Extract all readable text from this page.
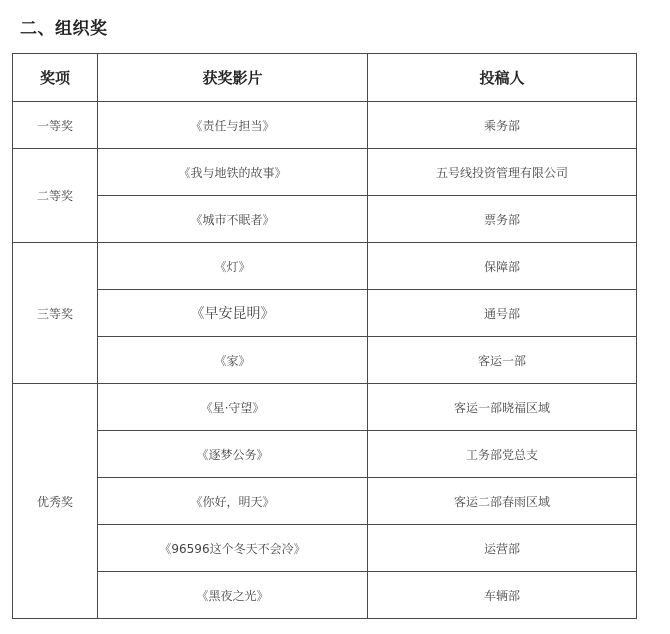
二、组织奖
奖项	获奖影片	投稿人
一等奖	《责任与担当》	乘务部
二等奖	《我与地铁的故事》	五号线投资管理有限公司
	《城市不眠者》	票务部
三等奖	《灯》	保障部
	《早安昆明》	通号部
	《家》	客运一部
优秀奖	《星·守望》	客运一部晓福区域
	《逐梦公务》	工务部党总支
	《你好，明天》	客运二部春雨区域
	《96596这个冬天不会冷》	运营部
	《黑夜之光》	车辆部
